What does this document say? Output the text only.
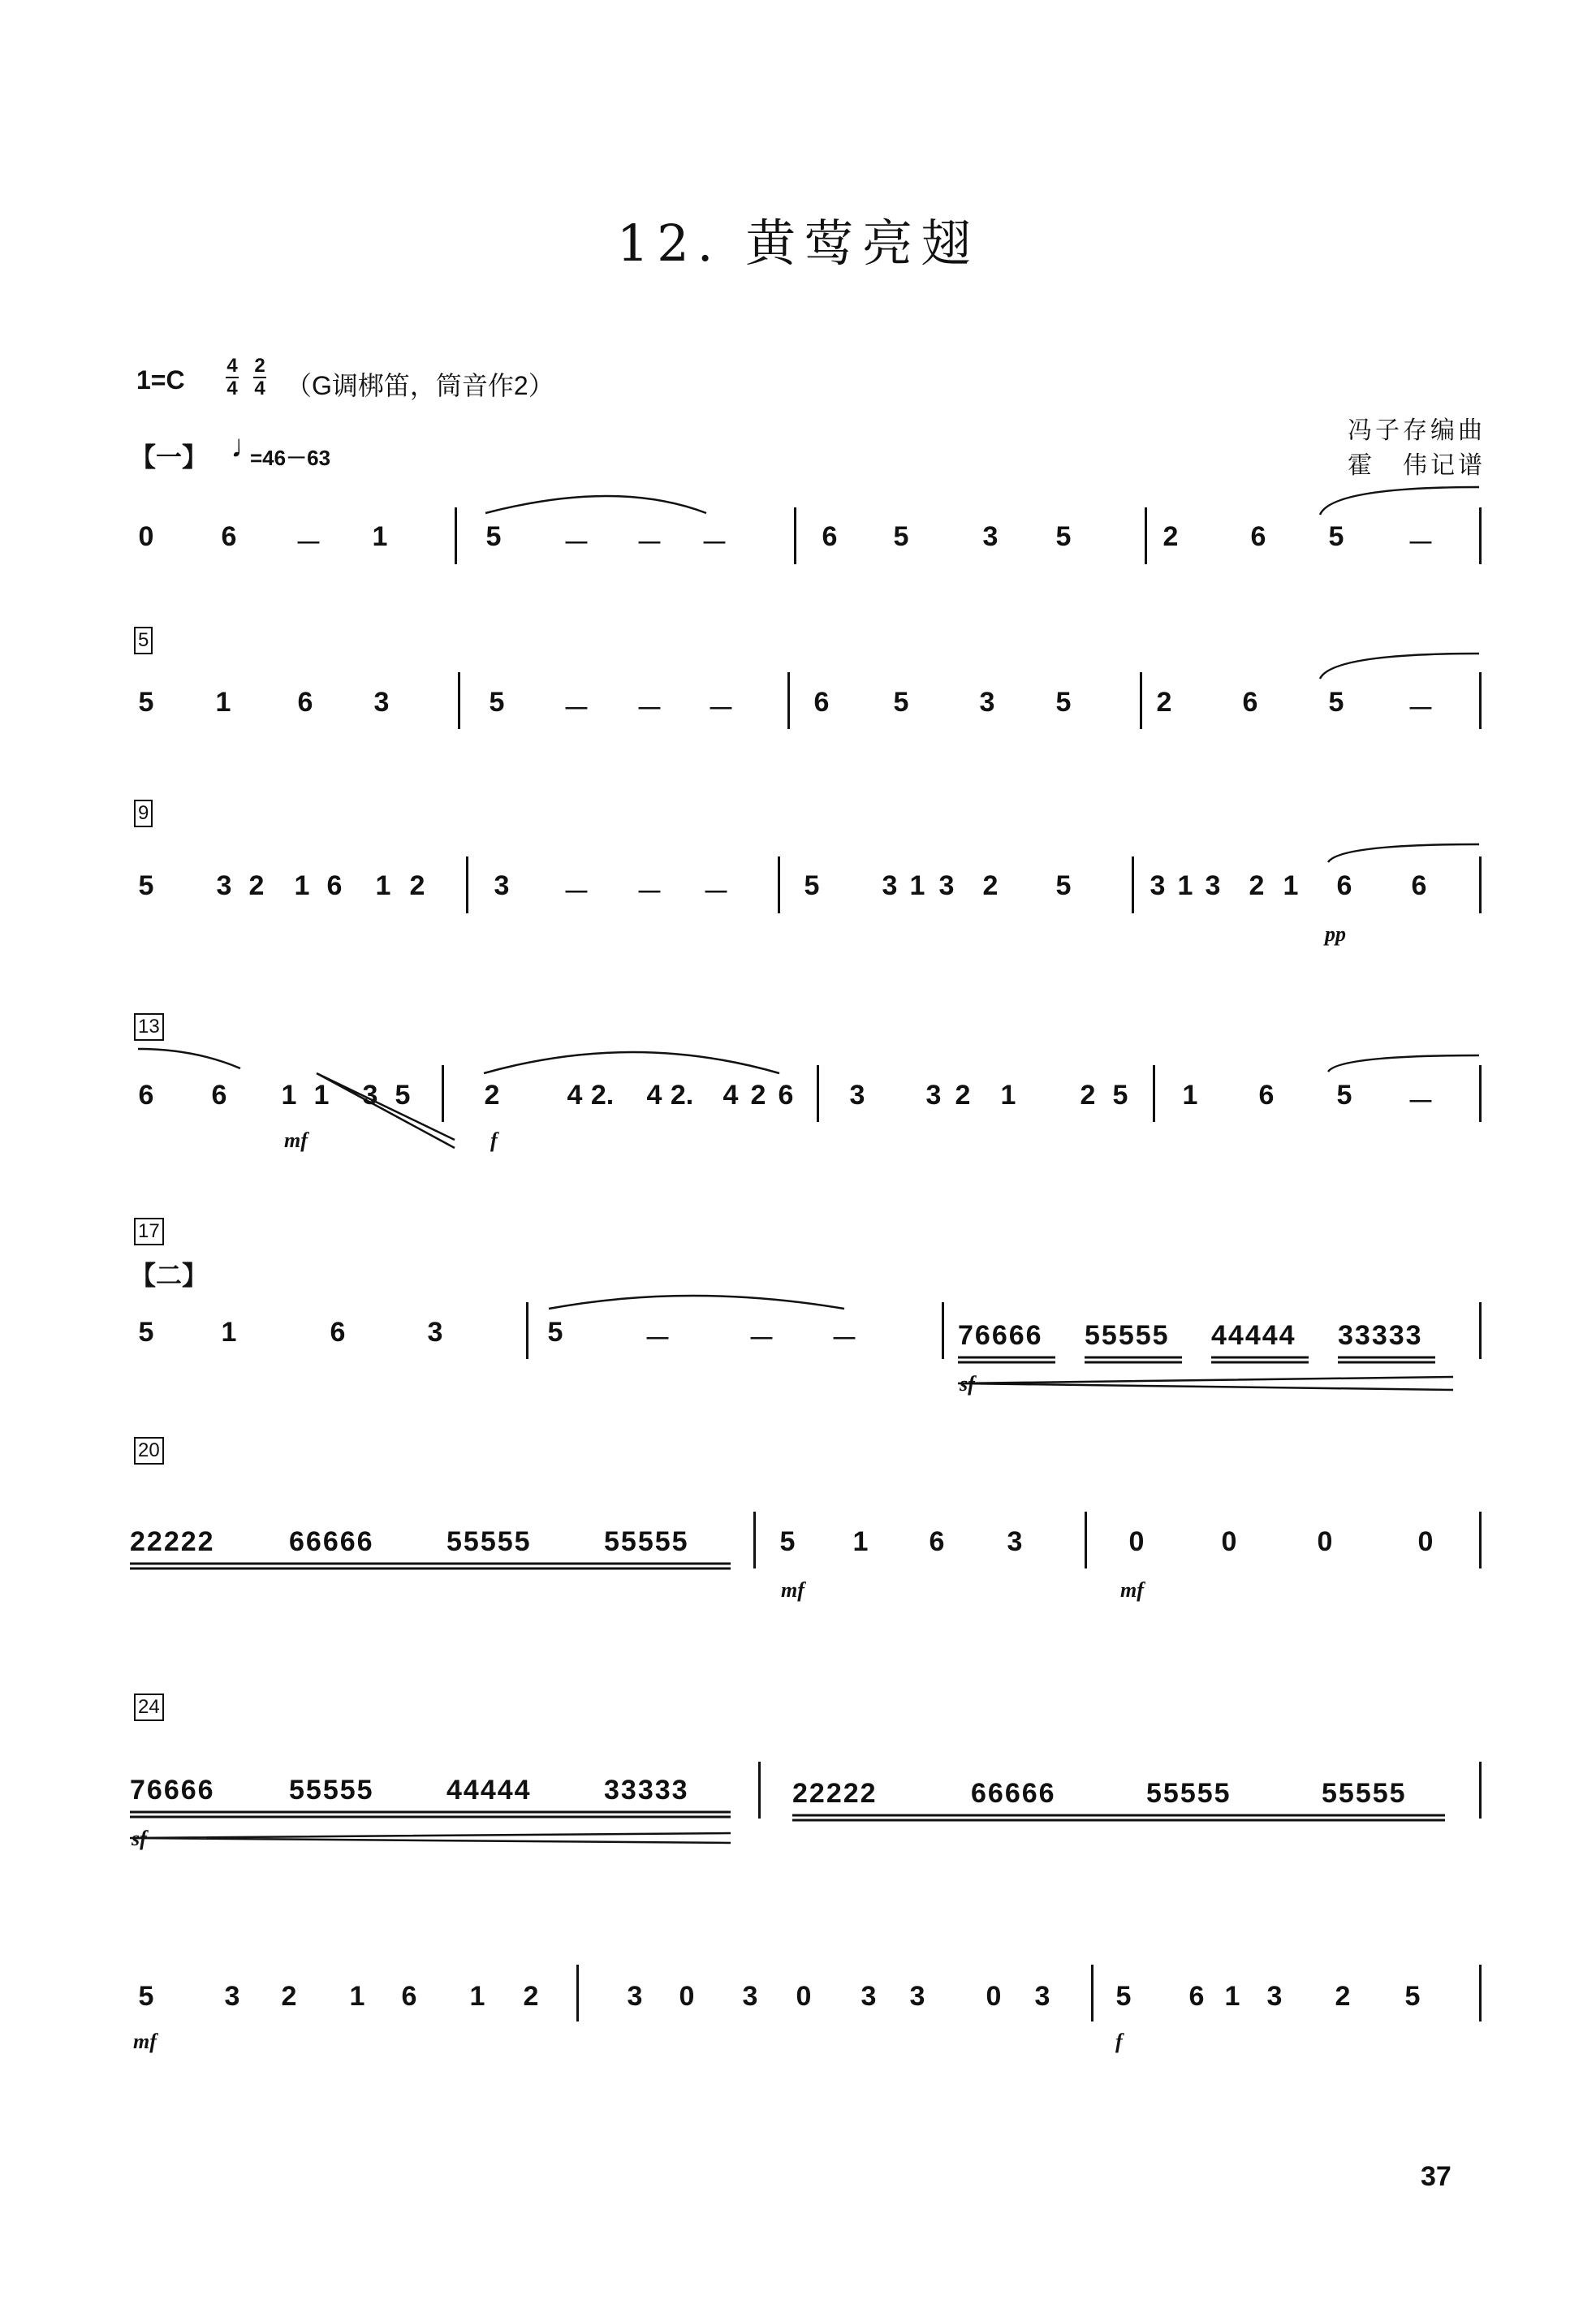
12. 黄莺亮翅
1=C 4
4
2
4 （G调梆笛，筒音作2）
【一】 ♩
=46－63
冯子存编曲
霍　伟记谱
0	6	－	1	5	－ － －	6	5	3	5	2	6	5	－
5
5	1	6	3	5	－ － －	6	5	3	5	2	6	5	－
9
5	3 2	1 6	1 2	3	－ － －	5	3 1 3	2	5	3 1 3	2 1	6	6
pp
13
6	6	1 1	3 5	2	4 2.	4 2.	4 2 6	3	3 2	1	2 5	1	6	5	－
mf	f
17
【二】
5	1	6	3	5	－	－ －	76666 55555 44444 33333
sf
20
22222	66666	55555	55555	5	1	6	3	0	0	0	0
mf	mf
24
76666	55555	44444	33333	22222	66666	55555	55555
sf
5	3	2	1	6	1	2	3	0	3	0	3	3	0	3	5	6 1 3	2	5
mf	f
37
